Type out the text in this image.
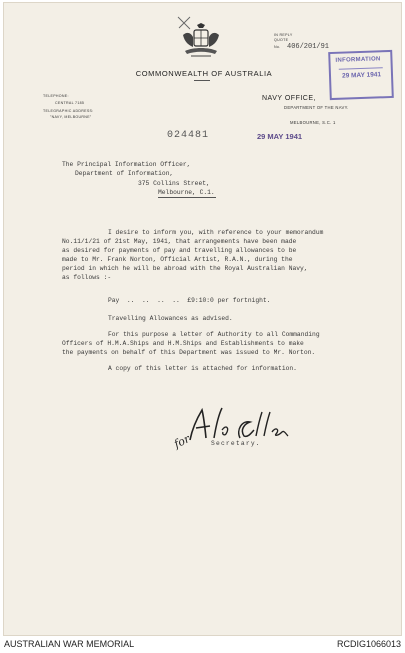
COMMONWEALTH OF AUSTRALIA
TELEPHONE:
CENTRAL 7185
TELEGRAPHIC ADDRESS:
"NAVY, MELBOURNE"
IN REPLY
QUOTE
No. 406/201/91
INFORMATION
29 MAY 1941
NAVY OFFICE,
DEPARTMENT OF THE NAVY.
MELBOURNE, S.C. 1
024481	29 MAY 1941
The Principal Information Officer,
Department of Information,
375 Collins Street,
Melbourne, C.1.
I desire to inform you, with reference to your memorandum
No.11/1/21 of 21st May, 1941, that arrangements have been made
as desired for payments of pay and travelling allowances to be
made to Mr. Frank Norton, Official Artist, R.A.N., during the
period in which he will be abroad with the Royal Australian Navy,
as follows :-
Pay  ..  ..  ..  ..  £9:10:0 per fortnight.
Travelling Allowances as advised.
For this purpose a letter of Authority to all Commanding
Officers of H.M.A.Ships and H.M.Ships and Establishments to make
the payments on behalf of this Department was issued to Mr. Norton.
A copy of this letter is attached for information.
for	Secretary.
AUSTRALIAN WAR MEMORIAL	RCDIG1066013
